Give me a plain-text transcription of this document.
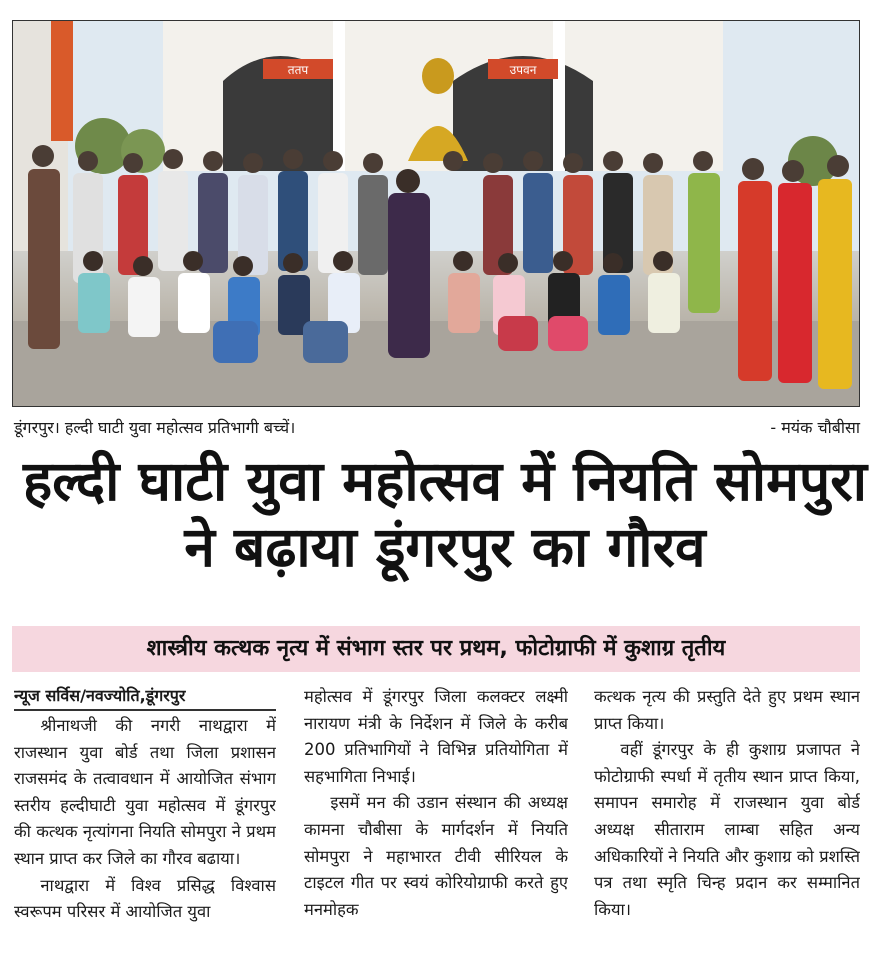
ततप	उपवन
डूंगरपुर। हल्दी घाटी युवा महोत्सव प्रतिभागी बच्चें।	- मयंक चौबीसा
हल्दी घाटी युवा महोत्सव में नियति सोमपुरा
ने बढ़ाया डूंगरपुर का गौरव
शास्त्रीय कत्थक नृत्य में संभाग स्तर पर प्रथम, फोटोग्राफी में कुशाग्र तृतीय
न्यूज सर्विस/नवज्योति,डूंगरपुर

श्रीनाथजी की नगरी नाथद्वारा में राजस्थान युवा बोर्ड तथा जिला प्रशासन राजसमंद के तत्वावधान में आयोजित संभाग स्तरीय हल्दीघाटी युवा महोत्सव में डूंगरपुर की कत्थक नृत्यांगना नियति सोमपुरा ने प्रथम स्थान प्राप्त कर जिले का गौरव बढाया।

नाथद्वारा में विश्व प्रसिद्ध विश्वास स्वरूपम परिसर में आयोजित युवा

महोत्सव में डूंगरपुर जिला कलक्टर लक्ष्मी नारायण मंत्री के निर्देशन में जिले के करीब 200 प्रतिभागियों ने विभिन्न प्रतियोगिता में सहभागिता निभाई।

इसमें मन की उडान संस्थान की अध्यक्ष कामना चौबीसा के मार्गदर्शन में नियति सोमपुरा ने महाभारत टीवी सीरियल के टाइटल गीत पर स्वयं कोरियोग्राफी करते हुए मनमोहक

कत्थक नृत्य की प्रस्तुति देते हुए प्रथम स्थान प्राप्त किया।

वहीं डूंगरपुर के ही कुशाग्र प्रजापत ने फोटोग्राफी स्पर्धा में तृतीय स्थान प्राप्त किया, समापन समारोह में राजस्थान युवा बोर्ड अध्यक्ष सीताराम लाम्बा सहित अन्य अधिकारियों ने नियति और कुशाग्र को प्रशस्ति पत्र तथा स्मृति चिन्ह प्रदान कर सम्मानित किया।
